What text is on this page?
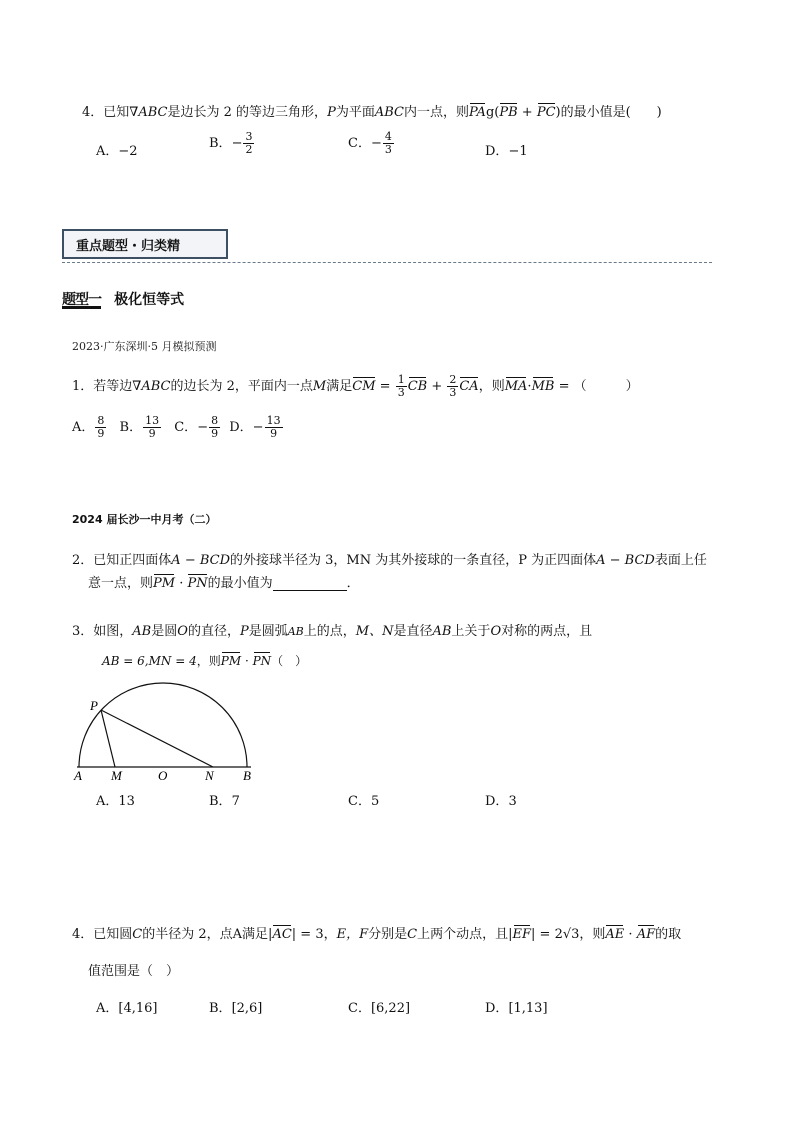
4．已知∇ABC是边长为 2 的等边三角形，P为平面ABC内一点，则PAg(PB + PC)的最小值是(　　)
A．−2
B．− $\frac{3}{2}$	C．− $\frac{4}{3}$	D．−1
重点题型・归类精
题型一 极化恒等式
2023·广东深圳·5 月模拟预测
1．若等边∇ABC的边长为 2，平面内一点M满足CM = $\frac{1}{3}$ CB + $\frac{2}{3}$ CA，则MA·MB = （　　　）
A． $\frac{8}{9}$ B． $\frac{13}{9}$ C．− $\frac{8}{9}$ D．− $\frac{13}{9}$
2024 届长沙一中月考（二）
2．已知正四面体A − BCD的外接球半径为 3，MN 为其外接球的一条直径，P 为正四面体A − BCD表面上任
意一点，则PM · PN的最小值为	．
3．如图，AB是圆O的直径，P是圆弧AB上的点，M、N是直径AB上关于O对称的两点，且
AB = 6,MN = 4，则PM · PN（　）
P
A M	O	N B
A．13	B．7	C．5	D．3
4．已知圆C的半径为 2，点A满足|AC| = 3，E，F分别是C上两个动点，且|EF| = 2√3，则AE · AF的取
值范围是（　）
A．[4,16]	B．[2,6]	C．[6,22]	D．[1,13]
